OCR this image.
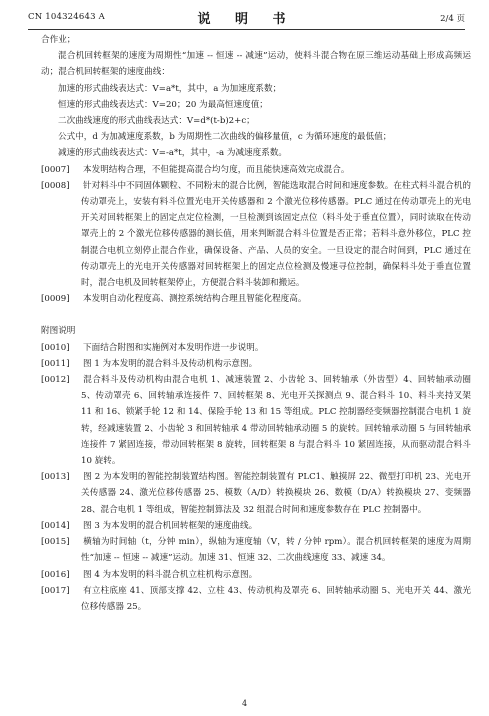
CN 104324643 A	说 明 书	2/4 页

合作业；

混合机回转框架的速度为周期性“加速 -- 恒速 -- 减速”运动，使料斗混合物在原三维运动基础上形成高频运动；混合机回转框架的速度曲线：

加速的形式曲线表达式：V=a*t，其中，a 为加速度系数；

恒速的形式曲线表达式：V=20；20 为最高恒速度值；

二次曲线速度的形式曲线表达式：V=d*(t-b)2+c；

公式中，d 为加减速度系数，b 为周期性二次曲线的偏移量值，c 为循环速度的最低值；

减速的形式曲线表达式：V=-a*t，其中，-a 为减速度系数。

[0007] 本发明结构合理，不但能提高混合均匀度，而且能快速高效完成混合。

[0008] 针对料斗中不同固体颗粒、不同粉末的混合比例，智能选取混合时间和速度参数。在柱式料斗混合机的传动罩壳上，安装有料斗位置光电开关传感器和 2 个激光位移传感器。PLC 通过在传动罩壳上的光电开关对回转框架上的固定点定位检测，一旦检测到该固定点位（料斗处于垂直位置），同时读取在传动罩壳上的 2 个激光位移传感器的测长值，用来判断混合料斗位置是否正常；若料斗意外移位，PLC 控制混合电机立刻停止混合作业，确保设备、产品、人员的安全。一旦设定的混合时间到，PLC 通过在传动罩壳上的光电开关传感器对回转框架上的固定点位检测及慢速寻位控制，确保料斗处于垂直位置时，混合电机及回转框架停止，方便混合料斗装卸和搬运。

[0009] 本发明自动化程度高、测控系统结构合理且智能化程度高。

附图说明

[0010] 下面结合附图和实施例对本发明作进一步说明。

[0011] 图 1 为本发明的混合料斗及传动机构示意图。

[0012] 混合料斗及传动机构由混合电机 1、减速装置 2、小齿轮 3、回转轴承（外齿型）4、回转轴承动圈 5、传动罩壳 6、回转轴承连接件 7、回转框架 8、光电开关探测点 9、混合料斗 10、料斗夹持叉架 11 和 16、锁紧手轮 12 和 14、保险手轮 13 和 15 等组成。PLC 控制器经变频器控制混合电机 1 旋转，经减速装置 2、小齿轮 3 和回转轴承 4 带动回转轴承动圈 5 的旋转。回转轴承动圈 5 与回转轴承连接件 7 紧固连接，带动回转框架 8 旋转，回转框架 8 与混合料斗 10 紧固连接，从而驱动混合料斗 10 旋转。

[0013] 图 2 为本发明的智能控制装置结构图。智能控制装置有 PLC1、触摸屏 22、微型打印机 23、光电开关传感器 24、激光位移传感器 25、模数（A/D）转换模块 26、数模（D/A）转换模块 27、变频器 28、混合电机 1 等组成，智能控制算法及 32 组混合时间和速度参数存在 PLC 控制器中。

[0014] 图 3 为本发明的混合机回转框架的速度曲线。

[0015] 横轴为时间轴（t，分钟 min），纵轴为速度轴（V，转 / 分钟 rpm）。混合机回转框架的速度为周期性“加速 -- 恒速 -- 减速”运动。加速 31、恒速 32、二次曲线速度 33、减速 34。

[0016] 图 4 为本发明的料斗混合机立柱机构示意图。

[0017] 有立柱底座 41、顶部支撑 42、立柱 43、传动机构及罩壳 6、回转轴承动圈 5、光电开关 44、激光位移传感器 25。

4
